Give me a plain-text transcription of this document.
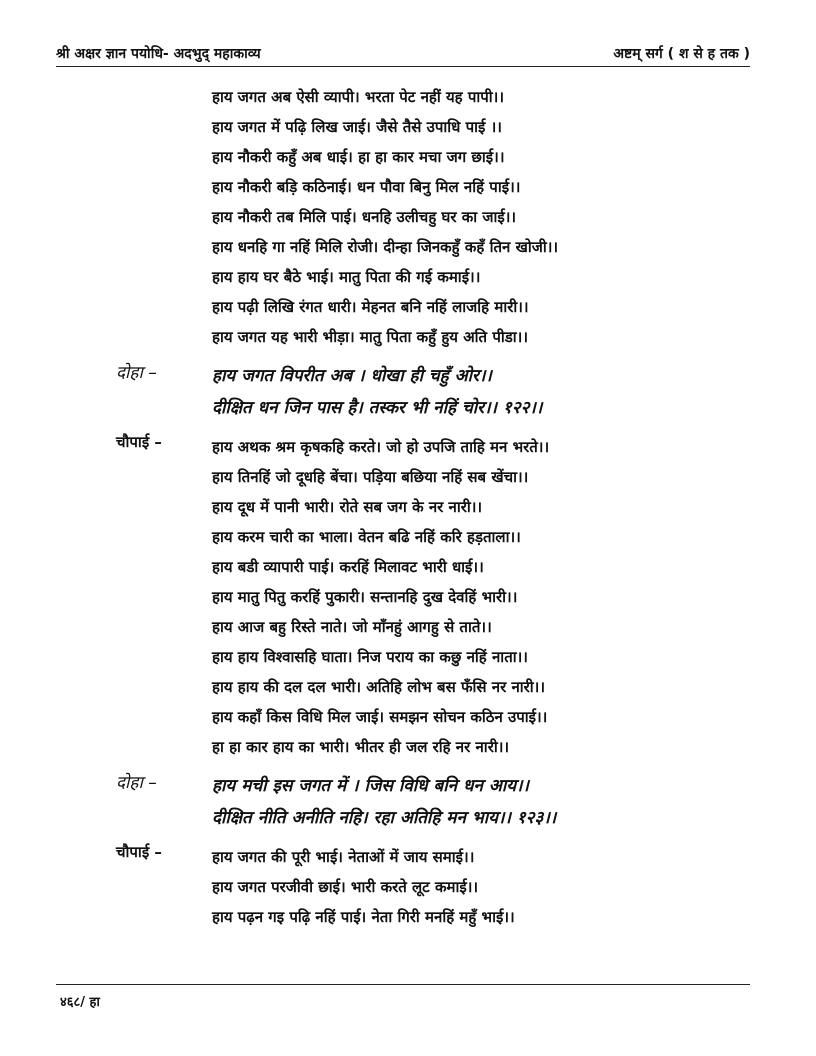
श्री अक्षर ज्ञान पयोधि- अदभुद् महाकाव्य	अष्टम् सर्ग ( श से ह तक )
हाय जगत अब ऐसी व्यापी। भरता पेट नहीं यह पापी।।
हाय जगत में पढ़ि लिख जाई। जैसे तैसे उपाधि पाई ।।
हाय नौकरी कहुँ अब धाई। हा हा कार मचा जग छाई।।
हाय नौकरी बड़ि कठिनाई। धन पौवा बिनु मिल नहिं पाई।।
हाय नौकरी तब मिलि पाई। धनहि उलीचहु घर का जाई।।
हाय धनहि गा नहिं मिलि रोजी। दीन्हा जिनकहुँ कहँ तिन खोजी।।
हाय हाय घर बैठे भाई। मातु पिता की गई कमाई।।
हाय पढ़ी लिखि रंगत धारी। मेहनत बनि नहिं लाजहि मारी।।
हाय जगत यह भारी भीड़ा। मातु पिता कहुँ हुय अति पीडा।।
दोहा –	हाय जगत विपरीत अब । धोखा ही चहुँ ओर।।
दीक्षित धन जिन पास है। तस्कर भी नहिं चोर।। १२२।।
चौपाई –	हाय अथक श्रम कृषकहि करते। जो हो उपजि ताहि मन भरते।।
हाय तिनहिं जो दूधहि बेंचा। पड़िया बछिया नहिं सब खेंचा।।
हाय दूध में पानी भारी। रोते सब जग के नर नारी।।
हाय करम चारी का भाला। वेतन बढि नहिं करि हड़ताला।।
हाय बडी व्यापारी पाई। करहिं मिलावट भारी धाई।।
हाय मातु पितु करहिं पुकारी। सन्तानहि दुख देवहिं भारी।।
हाय आज बहु रिस्ते नाते। जो माँनहुं आगहु से ताते।।
हाय हाय विश्वासहि घाता। निज पराय का कछु नहिं नाता।।
हाय हाय की दल दल भारी। अतिहि लोभ बस फँसि नर नारी।।
हाय कहाँ किस विधि मिल जाई। समझन सोचन कठिन उपाई।।
हा हा कार हाय का भारी। भीतर ही जल रहि नर नारी।।
दोहा –	हाय मची इस जगत में । जिस विधि बनि धन आय।।
दीक्षित नीति अनीति नहि। रहा अतिहि मन भाय।। १२३।।
चौपाई –	हाय जगत की पूरी भाई। नेताओं में जाय समाई।।
हाय जगत परजीवी छाई। भारी करते लूट कमाई।।
हाय पढ़न गइ पढ़ि नहिं पाई। नेता गिरी मनहिं महुँ भाई।।
४६८/ हा
